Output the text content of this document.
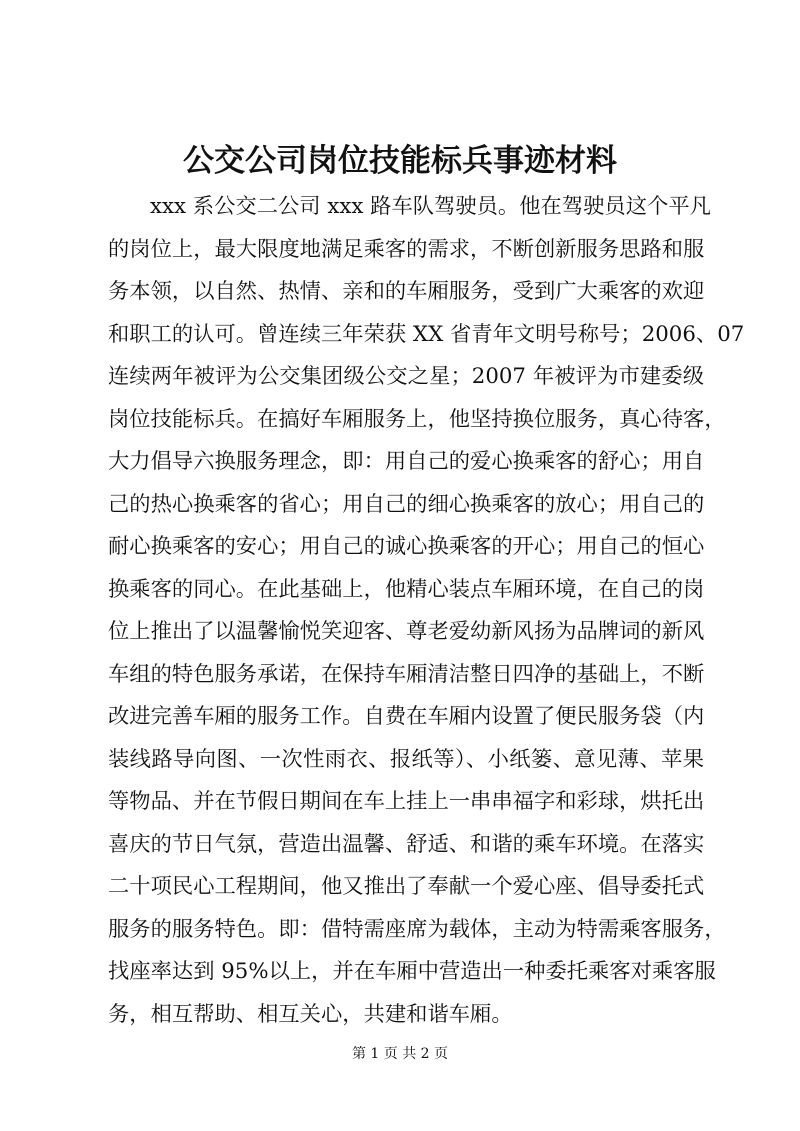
公交公司岗位技能标兵事迹材料
xxx 系公交二公司 xxx 路车队驾驶员。他在驾驶员这个平凡
的岗位上，最大限度地满足乘客的需求，不断创新服务思路和服
务本领，以自然、热情、亲和的车厢服务，受到广大乘客的欢迎
和职工的认可。曾连续三年荣获 XX 省青年文明号称号；2006、07
连续两年被评为公交集团级公交之星；2007 年被评为市建委级
岗位技能标兵。在搞好车厢服务上，他坚持换位服务，真心待客，
大力倡导六换服务理念，即：用自己的爱心换乘客的舒心；用自
己的热心换乘客的省心；用自己的细心换乘客的放心；用自己的
耐心换乘客的安心；用自己的诚心换乘客的开心；用自己的恒心
换乘客的同心。在此基础上，他精心装点车厢环境，在自己的岗
位上推出了以温馨愉悦笑迎客、尊老爱幼新风扬为品牌词的新风
车组的特色服务承诺，在保持车厢清洁整日四净的基础上，不断
改进完善车厢的服务工作。自费在车厢内设置了便民服务袋（内
装线路导向图、一次性雨衣、报纸等）、小纸篓、意见薄、苹果
等物品、并在节假日期间在车上挂上一串串福字和彩球，烘托出
喜庆的节日气氛，营造出温馨、舒适、和谐的乘车环境。在落实
二十项民心工程期间，他又推出了奉献一个爱心座、倡导委托式
服务的服务特色。即：借特需座席为载体，主动为特需乘客服务，
找座率达到 95%以上，并在车厢中营造出一种委托乘客对乘客服
务，相互帮助、相互关心，共建和谐车厢。
第 1 页 共 2 页
